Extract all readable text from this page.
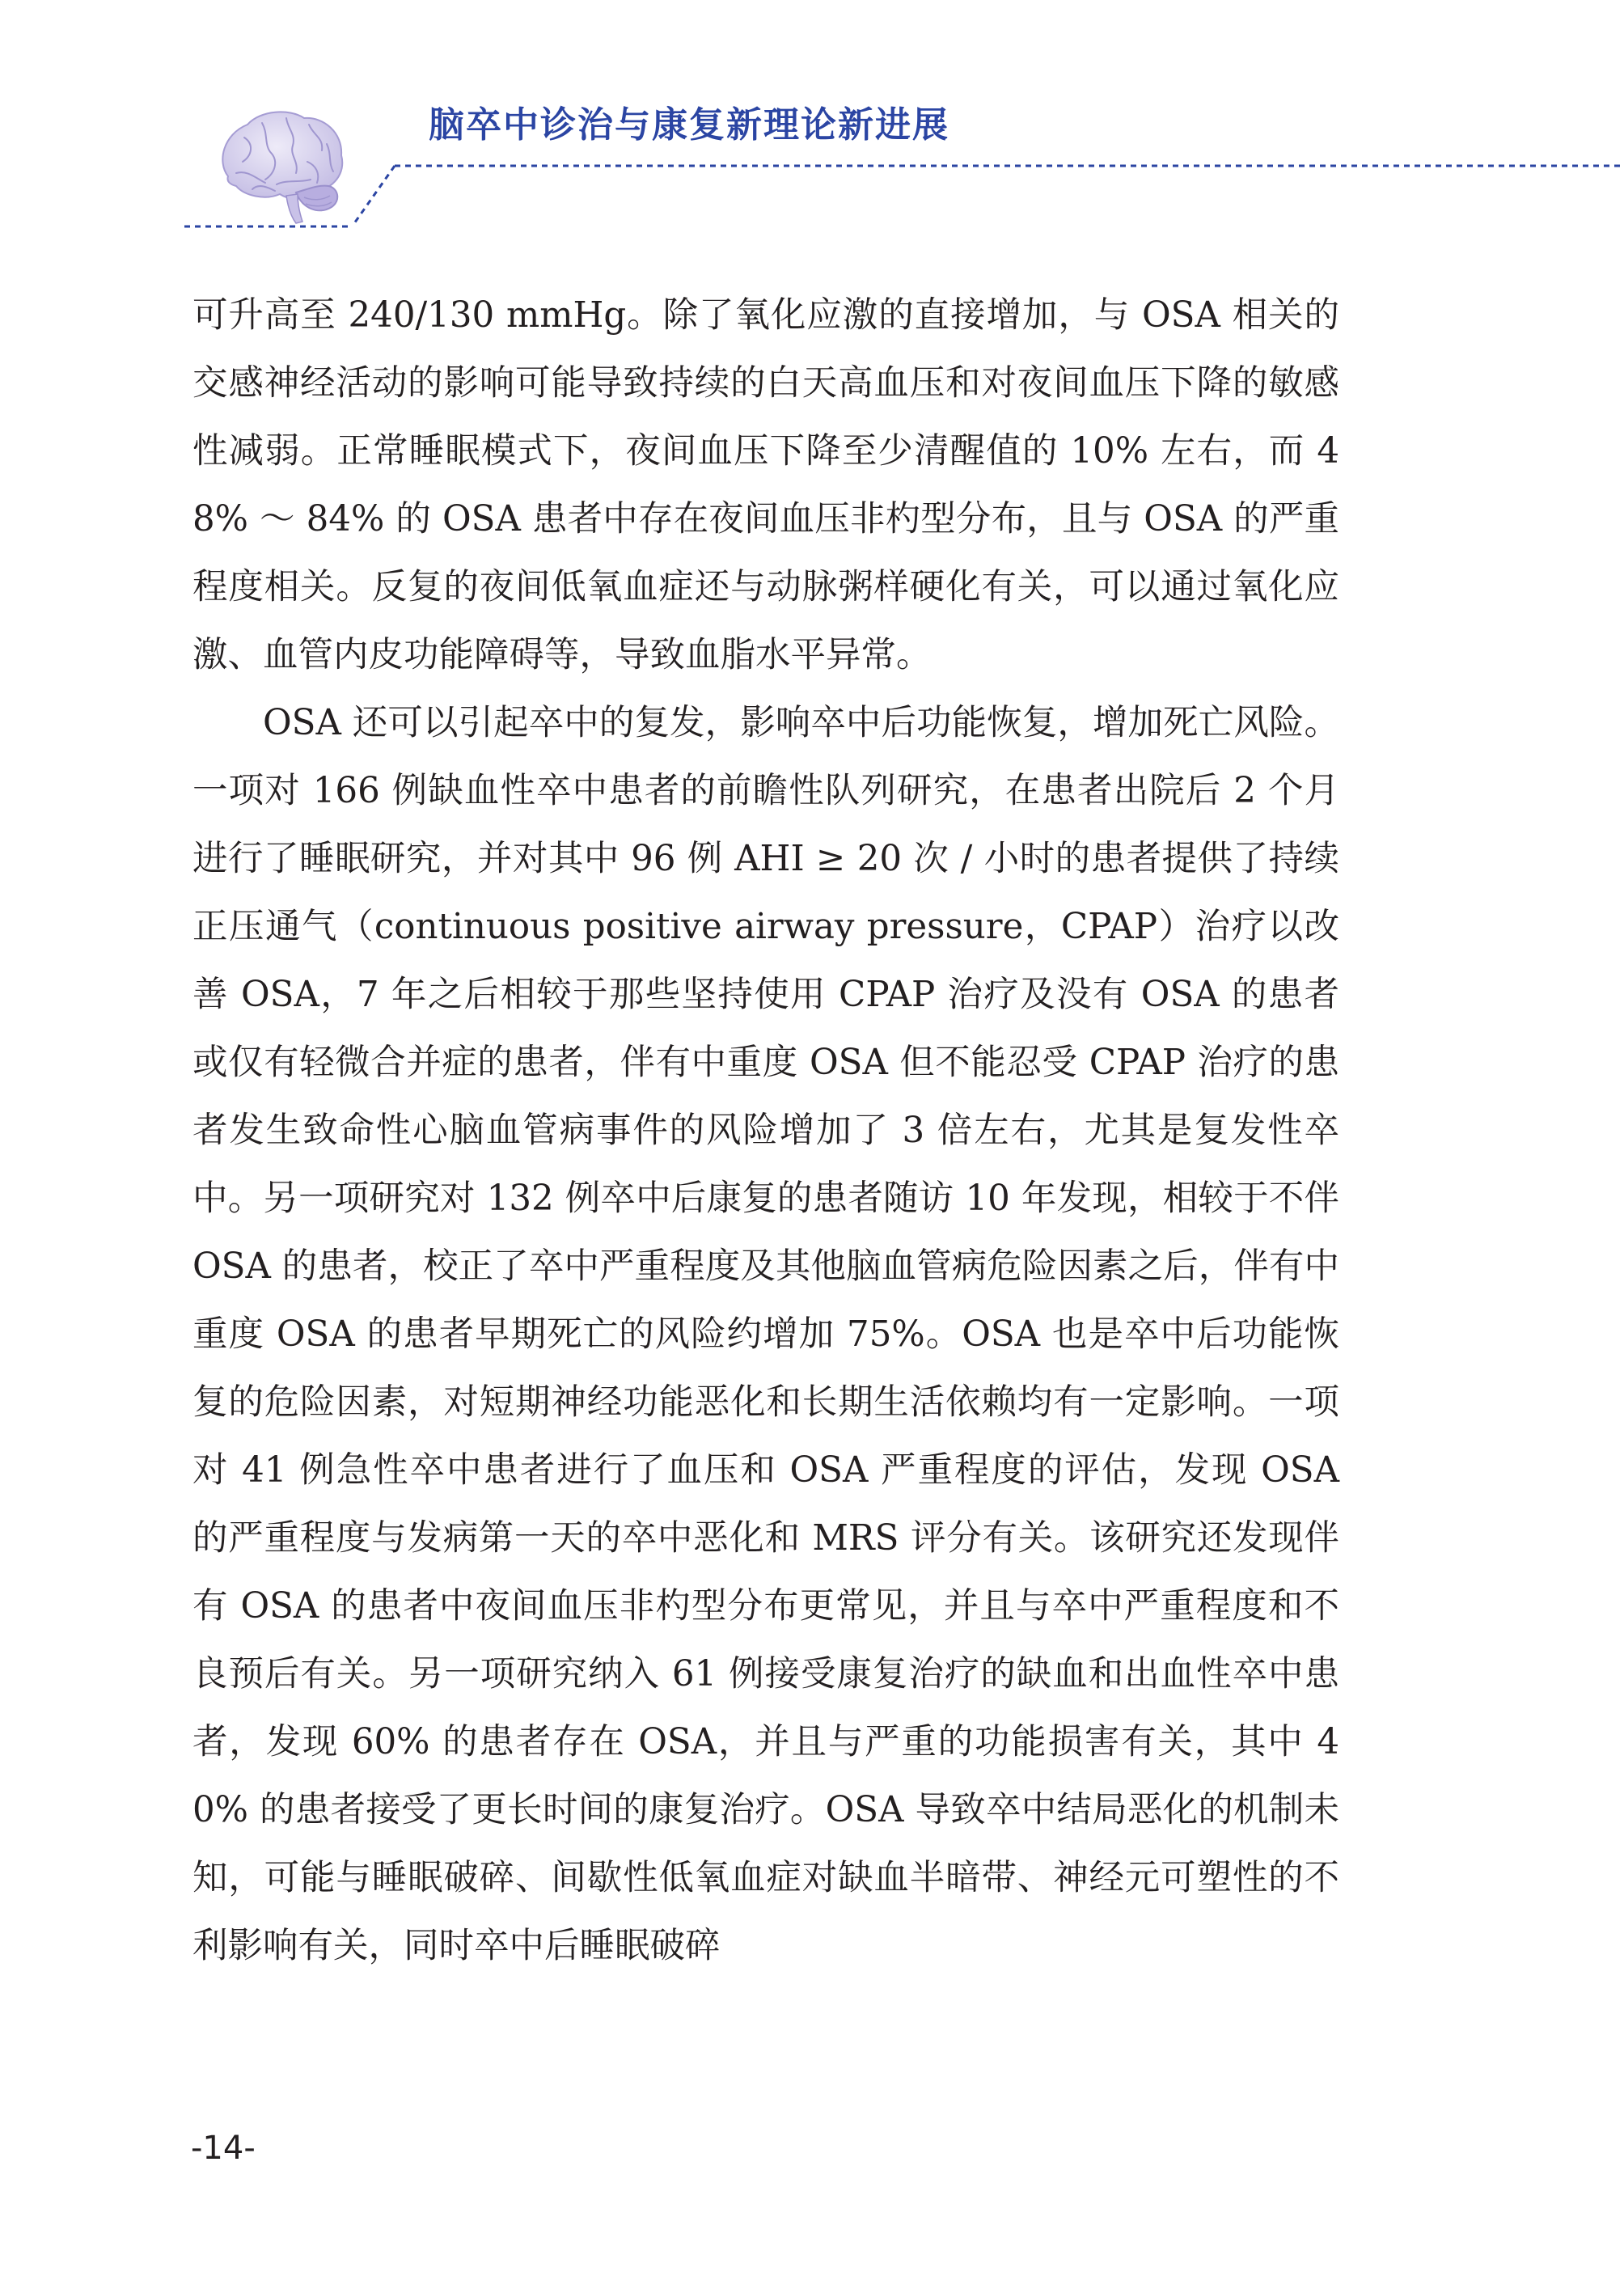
脑卒中诊治与康复新理论新进展

可升高至 240/130 mmHg。除了氧化应激的直接增加，与 OSA 相关的交感神经活动的影响可能导致持续的白天高血压和对夜间血压下降的敏感性减弱。正常睡眠模式下，夜间血压下降至少清醒值的 10% 左右，而 48% ～ 84% 的 OSA 患者中存在夜间血压非杓型分布，且与 OSA 的严重程度相关。反复的夜间低氧血症还与动脉粥样硬化有关，可以通过氧化应激、血管内皮功能障碍等，导致血脂水平异常。

OSA 还可以引起卒中的复发，影响卒中后功能恢复，增加死亡风险。一项对 166 例缺血性卒中患者的前瞻性队列研究，在患者出院后 2 个月进行了睡眠研究，并对其中 96 例 AHI ≥ 20 次 / 小时的患者提供了持续正压通气（continuous positive airway pressure，CPAP）治疗以改善 OSA，7 年之后相较于那些坚持使用 CPAP 治疗及没有 OSA 的患者或仅有轻微合并症的患者，伴有中重度 OSA 但不能忍受 CPAP 治疗的患者发生致命性心脑血管病事件的风险增加了 3 倍左右，尤其是复发性卒中。另一项研究对 132 例卒中后康复的患者随访 10 年发现，相较于不伴 OSA 的患者，校正了卒中严重程度及其他脑血管病危险因素之后，伴有中重度 OSA 的患者早期死亡的风险约增加 75%。OSA 也是卒中后功能恢复的危险因素，对短期神经功能恶化和长期生活依赖均有一定影响。一项对 41 例急性卒中患者进行了血压和 OSA 严重程度的评估，发现 OSA 的严重程度与发病第一天的卒中恶化和 MRS 评分有关。该研究还发现伴有 OSA 的患者中夜间血压非杓型分布更常见，并且与卒中严重程度和不良预后有关。另一项研究纳入 61 例接受康复治疗的缺血和出血性卒中患者，发现 60% 的患者存在 OSA，并且与严重的功能损害有关，其中 40% 的患者接受了更长时间的康复治疗。OSA 导致卒中结局恶化的机制未知，可能与睡眠破碎、间歇性低氧血症对缺血半暗带、神经元可塑性的不利影响有关，同时卒中后睡眠破碎

-14-
